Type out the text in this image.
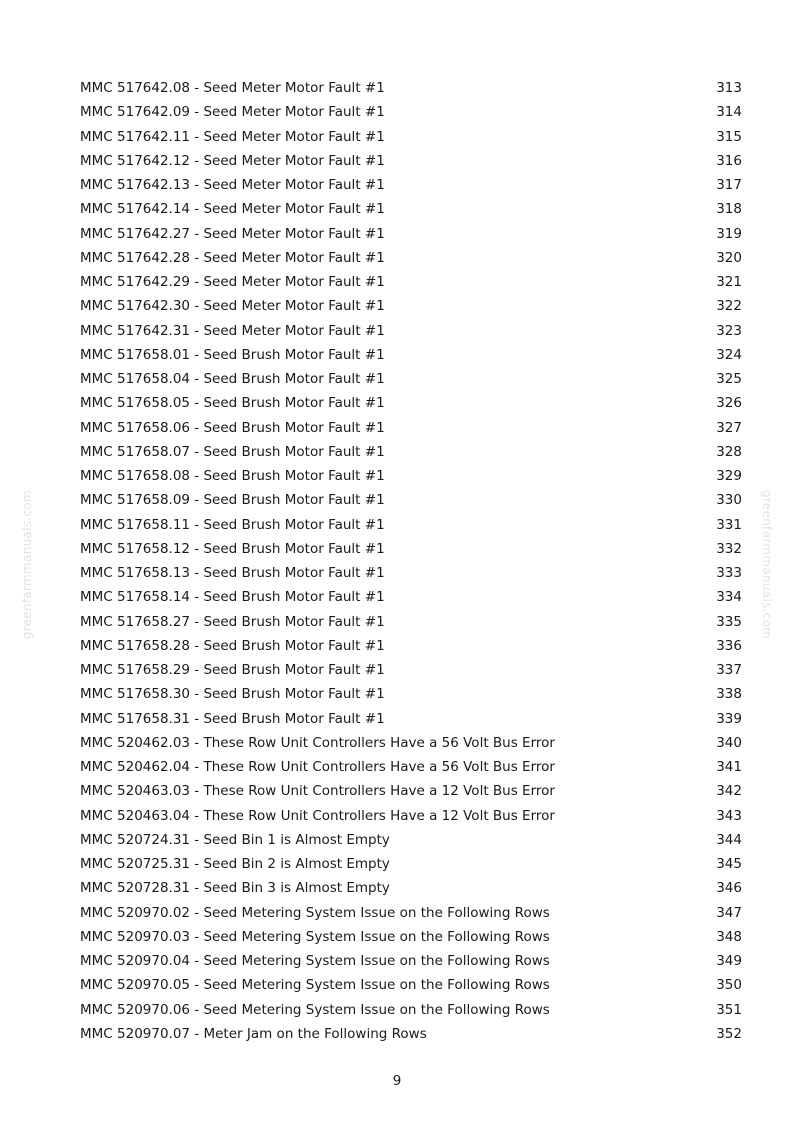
greenfarmmanuals.com	greenfarmmanuals.com
MMC 517642.08 - Seed Meter Motor Fault #1	313
MMC 517642.09 - Seed Meter Motor Fault #1	314
MMC 517642.11 - Seed Meter Motor Fault #1	315
MMC 517642.12 - Seed Meter Motor Fault #1	316
MMC 517642.13 - Seed Meter Motor Fault #1	317
MMC 517642.14 - Seed Meter Motor Fault #1	318
MMC 517642.27 - Seed Meter Motor Fault #1	319
MMC 517642.28 - Seed Meter Motor Fault #1	320
MMC 517642.29 - Seed Meter Motor Fault #1	321
MMC 517642.30 - Seed Meter Motor Fault #1	322
MMC 517642.31 - Seed Meter Motor Fault #1	323
MMC 517658.01 - Seed Brush Motor Fault #1	324
MMC 517658.04 - Seed Brush Motor Fault #1	325
MMC 517658.05 - Seed Brush Motor Fault #1	326
MMC 517658.06 - Seed Brush Motor Fault #1	327
MMC 517658.07 - Seed Brush Motor Fault #1	328
MMC 517658.08 - Seed Brush Motor Fault #1	329
MMC 517658.09 - Seed Brush Motor Fault #1	330
MMC 517658.11 - Seed Brush Motor Fault #1	331
MMC 517658.12 - Seed Brush Motor Fault #1	332
MMC 517658.13 - Seed Brush Motor Fault #1	333
MMC 517658.14 - Seed Brush Motor Fault #1	334
MMC 517658.27 - Seed Brush Motor Fault #1	335
MMC 517658.28 - Seed Brush Motor Fault #1	336
MMC 517658.29 - Seed Brush Motor Fault #1	337
MMC 517658.30 - Seed Brush Motor Fault #1	338
MMC 517658.31 - Seed Brush Motor Fault #1	339
MMC 520462.03 - These Row Unit Controllers Have a 56 Volt Bus Error	340
MMC 520462.04 - These Row Unit Controllers Have a 56 Volt Bus Error	341
MMC 520463.03 - These Row Unit Controllers Have a 12 Volt Bus Error	342
MMC 520463.04 - These Row Unit Controllers Have a 12 Volt Bus Error	343
MMC 520724.31 - Seed Bin 1 is Almost Empty	344
MMC 520725.31 - Seed Bin 2 is Almost Empty	345
MMC 520728.31 - Seed Bin 3 is Almost Empty	346
MMC 520970.02 - Seed Metering System Issue on the Following Rows	347
MMC 520970.03 - Seed Metering System Issue on the Following Rows	348
MMC 520970.04 - Seed Metering System Issue on the Following Rows	349
MMC 520970.05 - Seed Metering System Issue on the Following Rows	350
MMC 520970.06 - Seed Metering System Issue on the Following Rows	351
MMC 520970.07 - Meter Jam on the Following Rows	352
9
